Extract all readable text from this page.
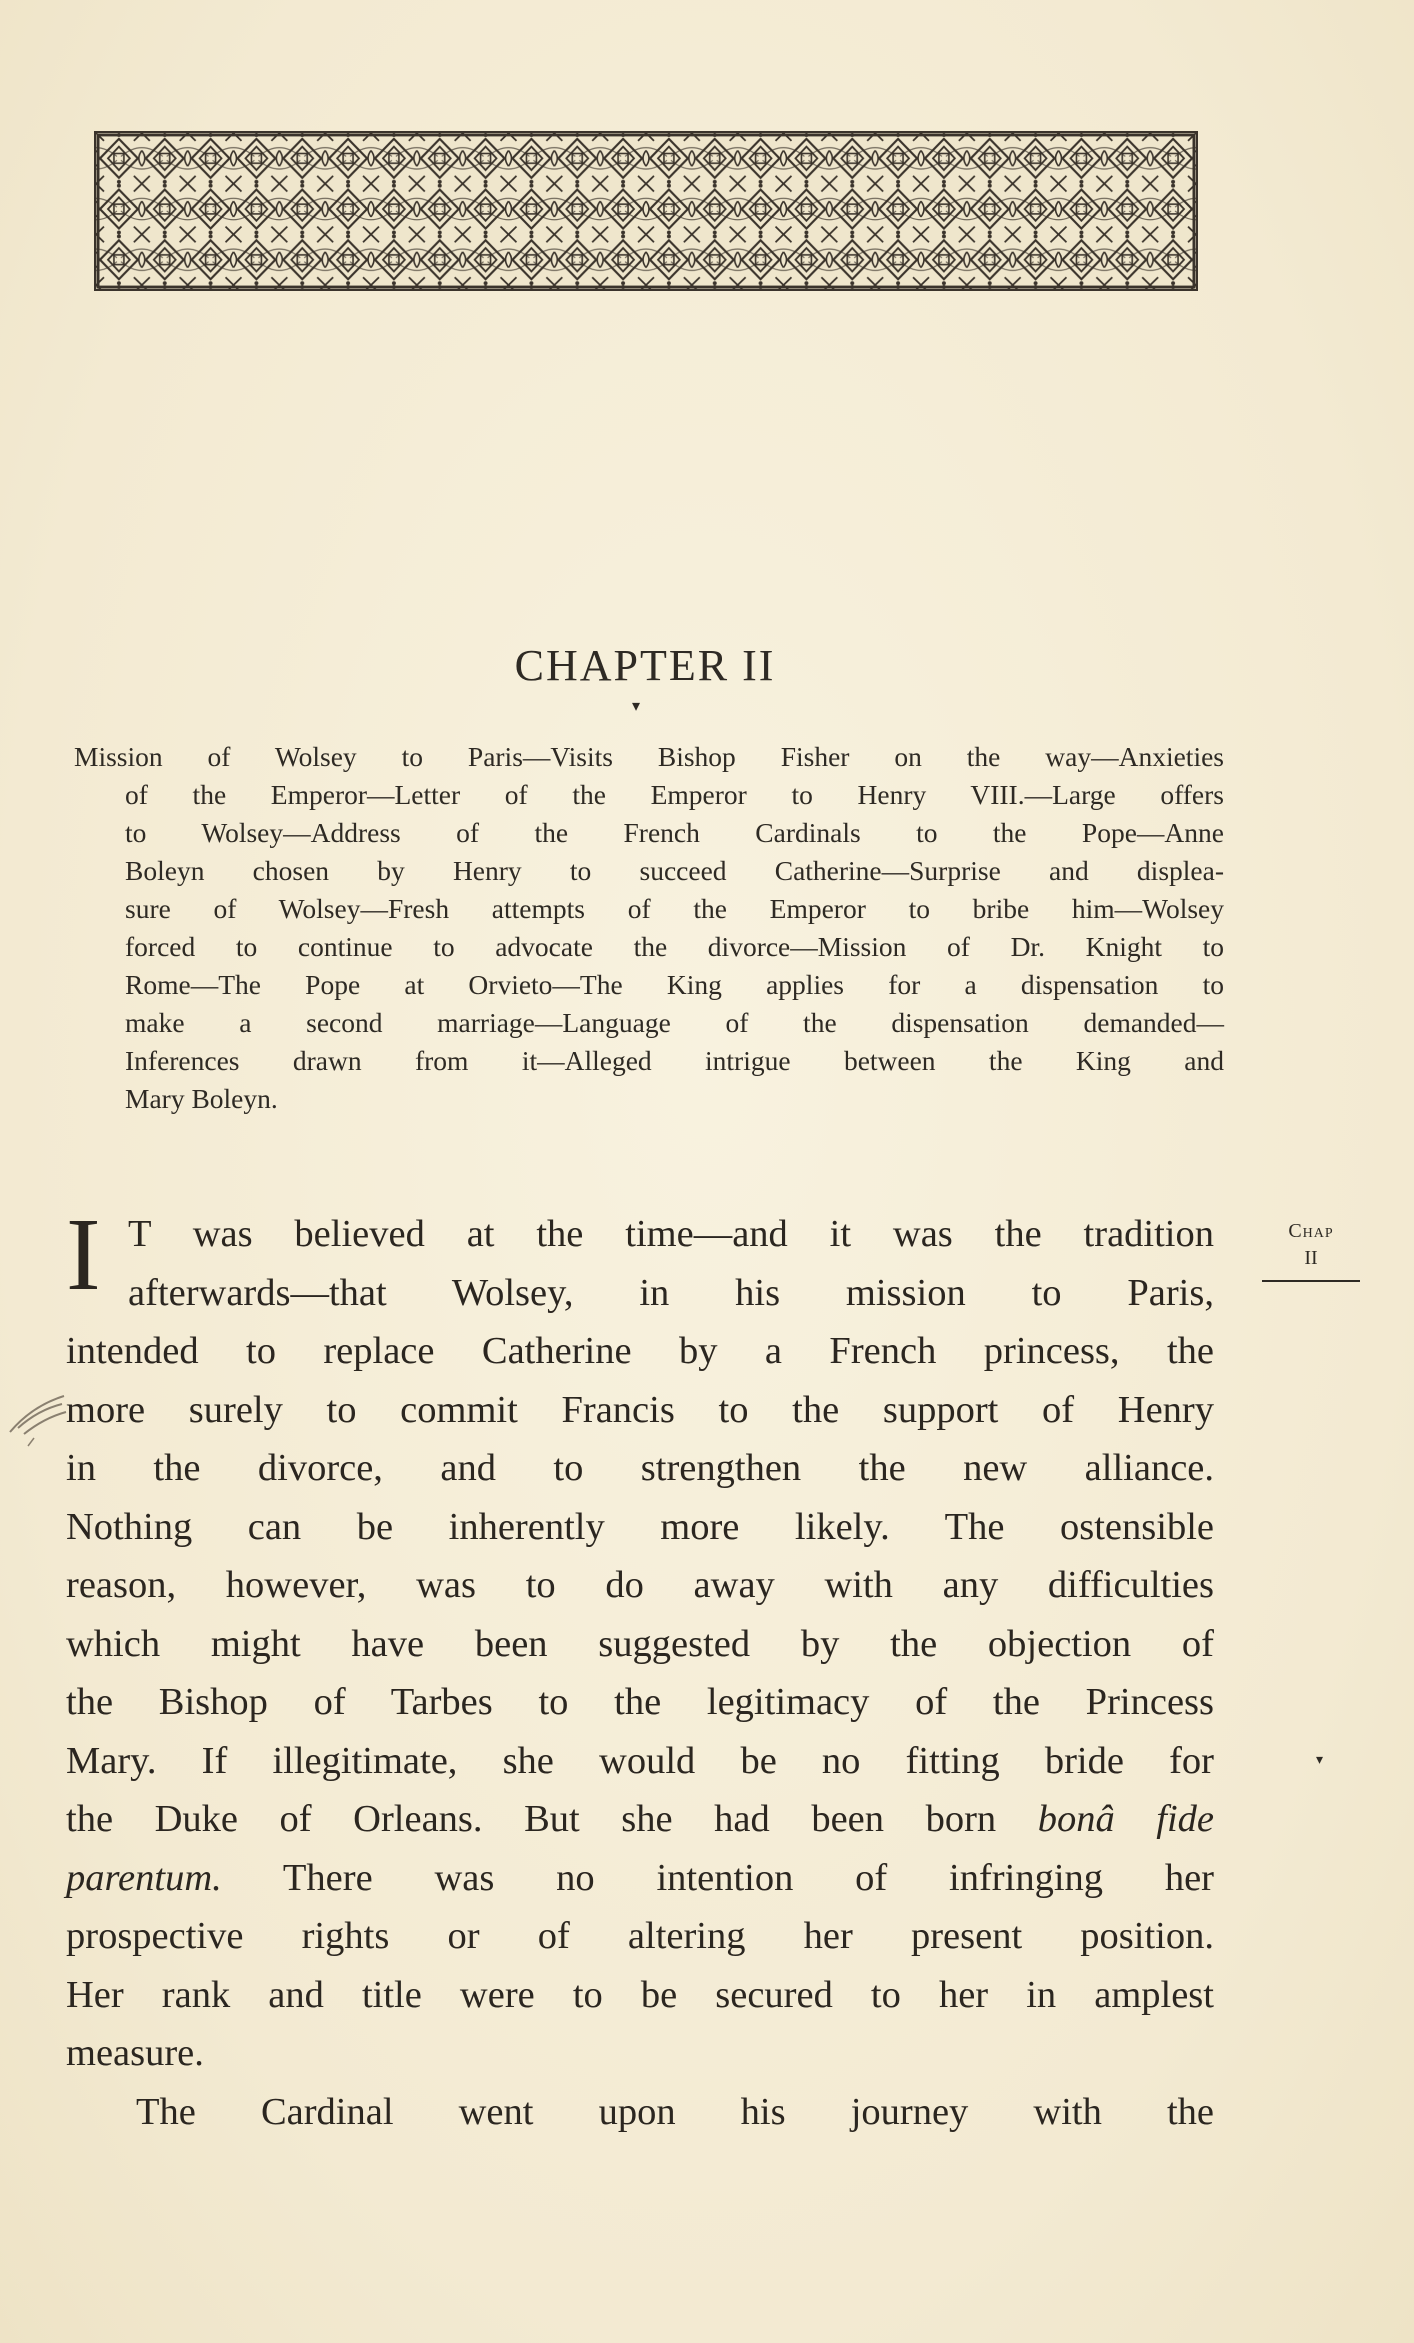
CHAPTER II
▾
Mission of Wolsey to Paris—Visits Bishop Fisher on the way—Anxieties
of the Emperor—Letter of the Emperor to Henry VIII.—Large offers
to Wolsey—Address of the French Cardinals to the Pope—Anne
Boleyn chosen by Henry to succeed Catherine—Surprise and displea-
sure of Wolsey—Fresh attempts of the Emperor to bribe him—Wolsey
forced to continue to advocate the divorce—Mission of Dr. Knight to
Rome—The Pope at Orvieto—The King applies for a dispensation to
make a second marriage—Language of the dispensation demanded—
Inferences drawn from it—Alleged intrigue between the King and
Mary Boleyn.
I T was believed at the time—and it was the tradition
afterwards—that Wolsey, in his mission to Paris,
intended to replace Catherine by a French princess, the
more surely to commit Francis to the support of Henry
in the divorce, and to strengthen the new alliance.
Nothing can be inherently more likely. The ostensible
reason, however, was to do away with any difficulties
which might have been suggested by the objection of
the Bishop of Tarbes to the legitimacy of the Princess
Mary. If illegitimate, she would be no fitting bride for
the Duke of Orleans. But she had been born bonâ fide
parentum. There was no intention of infringing her
prospective rights or of altering her present position.
Her rank and title were to be secured to her in amplest
measure.
The Cardinal went upon his journey with the
Chap
II
▾
